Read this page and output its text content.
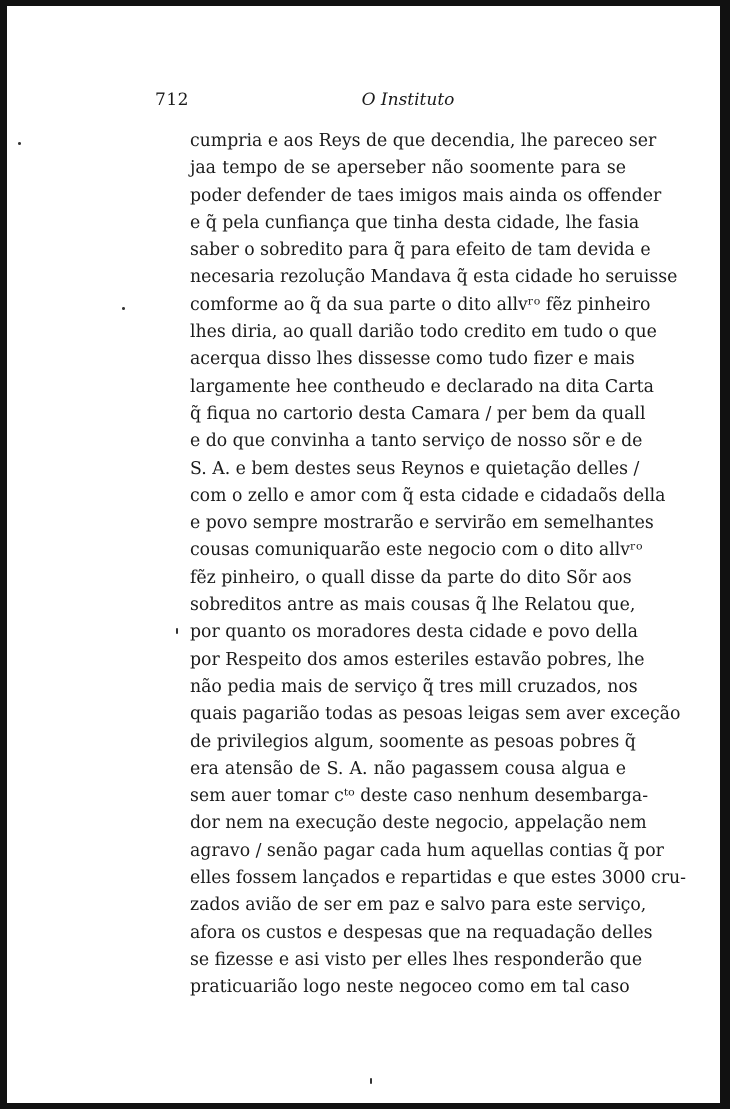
712	O Instituto
cumpria e aos Reys de que decendia, lhe pareceo ser
jaa tempo de se aperseber não soomente para se
poder defender de taes imigos mais ainda os offender
e q̃ pela cunfiança que tinha desta cidade, lhe fasia
saber o sobredito para q̃ para efeito de tam devida e
necesaria rezolução Mandava q̃ esta cidade ho seruisse
comforme ao q̃ da sua parte o dito allvʳᵒ fẽz pinheiro
lhes diria, ao quall darião todo credito em tudo o que
acerqua disso lhes dissesse como tudo fizer e mais
largamente hee contheudo e declarado na dita Carta
q̃ fiqua no cartorio desta Camara / per bem da quall
e do que convinha a tanto serviço de nosso sõr e de
S. A. e bem destes seus Reynos e quietação delles /
com o zello e amor com q̃ esta cidade e cidadaõs della
e povo sempre mostrarão e servirão em semelhantes
cousas comuniquarão este negocio com o dito allvʳᵒ
fẽz pinheiro, o quall disse da parte do dito Sõr aos
sobreditos antre as mais cousas q̃ lhe Relatou que,
por quanto os moradores desta cidade e povo della
por Respeito dos amos esteriles estavão pobres, lhe
não pedia mais de serviço q̃ tres mill cruzados, nos
quais pagarião todas as pesoas leigas sem aver exceção
de privilegios algum, soomente as pesoas pobres q̃
era atensão de S. A. não pagassem cousa algua e
sem auer tomar cᵗᵒ deste caso nenhum desembarga-
dor nem na execução deste negocio, appelação nem
agravo / senão pagar cada hum aquellas contias q̃ por
elles fossem lançados e repartidas e que estes 3000 cru-
zados avião de ser em paz e salvo para este serviço,
afora os custos e despesas que na requadação delles
se fizesse e asi visto per elles lhes responderão que
praticuarião logo neste negoceo como em tal caso
